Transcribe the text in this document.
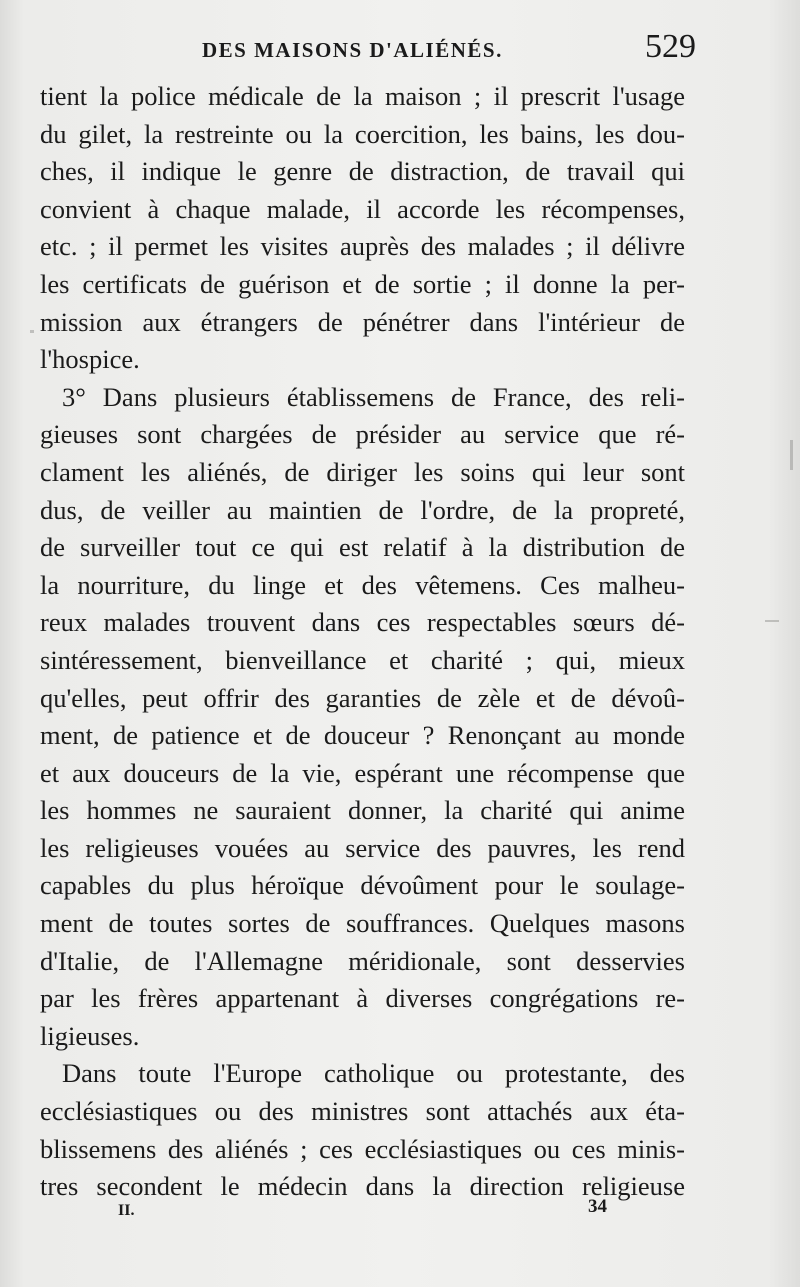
DES MAISONS D'ALIÉNÉS.	529
tient la police médicale de la maison ; il prescrit l'usage
du gilet, la restreinte ou la coercition, les bains, les dou-
ches, il indique le genre de distraction, de travail qui
convient à chaque malade, il accorde les récompenses,
etc. ; il permet les visites auprès des malades ; il délivre
les certificats de guérison et de sortie ; il donne la per-
mission aux étrangers de pénétrer dans l'intérieur de
l'hospice.
3° Dans plusieurs établissemens de France, des reli-
gieuses sont chargées de présider au service que ré-
clament les aliénés, de diriger les soins qui leur sont
dus, de veiller au maintien de l'ordre, de la propreté,
de surveiller tout ce qui est relatif à la distribution de
la nourriture, du linge et des vêtemens. Ces malheu-
reux malades trouvent dans ces respectables sœurs dé-
sintéressement, bienveillance et charité ; qui, mieux
qu'elles, peut offrir des garanties de zèle et de dévoû-
ment, de patience et de douceur ? Renonçant au monde
et aux douceurs de la vie, espérant une récompense que
les hommes ne sauraient donner, la charité qui anime
les religieuses vouées au service des pauvres, les rend
capables du plus héroïque dévoûment pour le soulage-
ment de toutes sortes de souffrances. Quelques masons
d'Italie, de l'Allemagne méridionale, sont desservies
par les frères appartenant à diverses congrégations re-
ligieuses.
Dans toute l'Europe catholique ou protestante, des
ecclésiastiques ou des ministres sont attachés aux éta-
blissemens des aliénés ; ces ecclésiastiques ou ces minis-
tres secondent le médecin dans la direction religieuse
II.	34
